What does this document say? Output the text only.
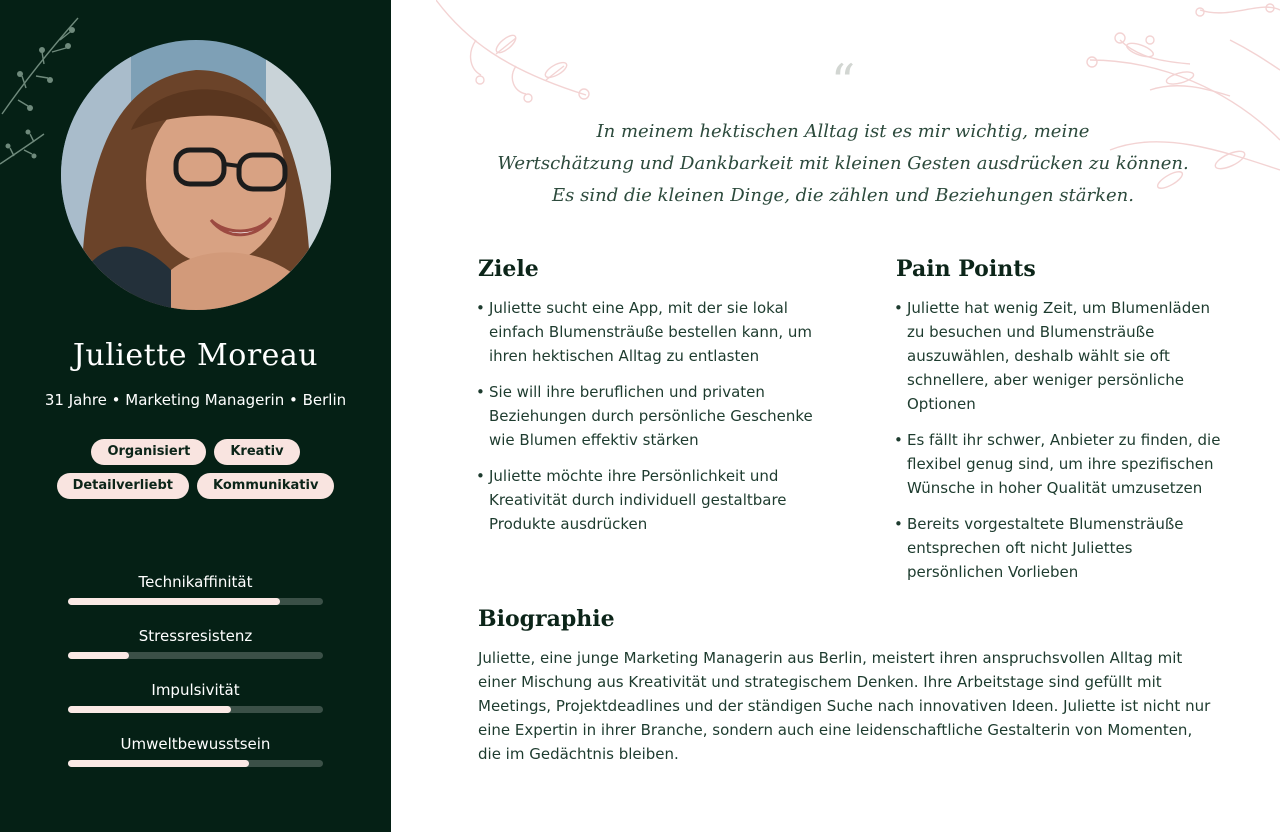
Juliette Moreau
31 Jahre • Marketing Managerin • Berlin
Organisiert	Kreativ
Detailverliebt	Kommunikativ
Technikaffinität
Stressresistenz
Impulsivität
Umweltbewusstsein
“
In meinem hektischen Alltag ist es mir wichtig, meine
Wertschätzung und Dankbarkeit mit kleinen Gesten ausdrücken zu können.
Es sind die kleinen Dinge, die zählen und Beziehungen stärken.
Ziele
• Juliette sucht eine App, mit der sie lokal einfach Blumensträuße bestellen kann, um ihren hektischen Alltag zu entlasten
• Sie will ihre beruflichen und privaten Beziehungen durch persönliche Geschenke wie Blumen effektiv stärken
• Juliette möchte ihre Persönlichkeit und Kreativität durch individuell gestaltbare Produkte ausdrücken
Pain Points
• Juliette hat wenig Zeit, um Blumenläden zu besuchen und Blumensträuße auszuwählen, deshalb wählt sie oft schnellere, aber weniger persönliche Optionen
• Es fällt ihr schwer, Anbieter zu finden, die flexibel genug sind, um ihre spezifischen Wünsche in hoher Qualität umzusetzen
• Bereits vorgestaltete Blumensträuße entsprechen oft nicht Juliettes persönlichen Vorlieben
Biographie

Juliette, eine junge Marketing Managerin aus Berlin, meistert ihren anspruchsvollen Alltag mit einer Mischung aus Kreativität und strategischem Denken. Ihre Arbeitstage sind gefüllt mit Meetings, Projektdeadlines und der ständigen Suche nach innovativen Ideen. Juliette ist nicht nur eine Expertin in ihrer Branche, sondern auch eine leidenschaftliche Gestalterin von Momenten, die im Gedächtnis bleiben.
